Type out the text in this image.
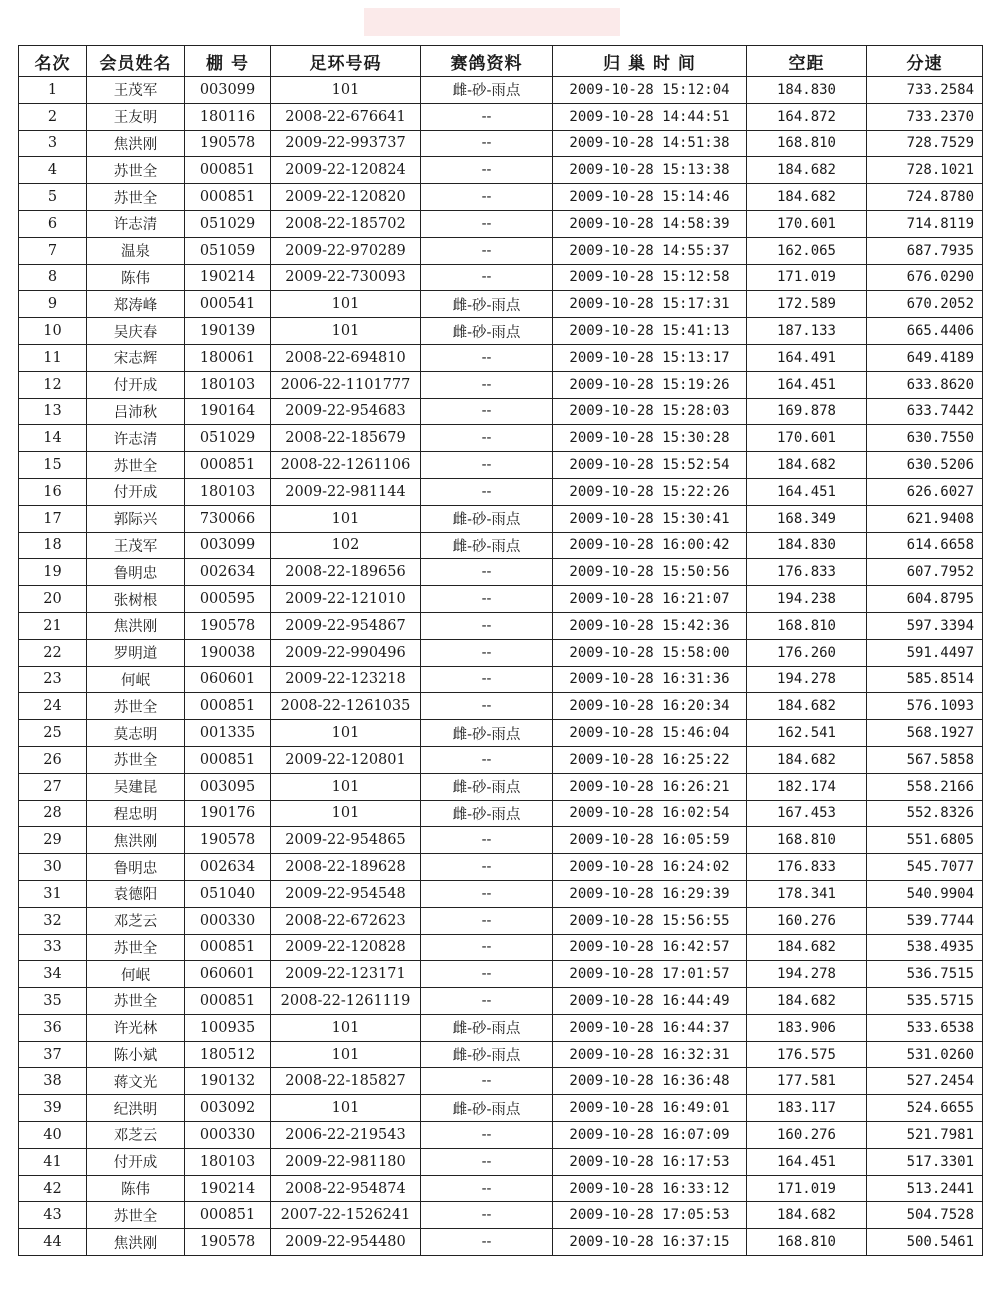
名次	会员姓名	棚 号	足环号码	赛鸽资料	归 巢 时 间	空距	分速
1	王茂军	003099	101	雌-砂-雨点	2009-10-28 15:12:04	184.830	733.2584
2	王友明	180116	2008-22-676641	--	2009-10-28 14:44:51	164.872	733.2370
3	焦洪刚	190578	2009-22-993737	--	2009-10-28 14:51:38	168.810	728.7529
4	苏世全	000851	2009-22-120824	--	2009-10-28 15:13:38	184.682	728.1021
5	苏世全	000851	2009-22-120820	--	2009-10-28 15:14:46	184.682	724.8780
6	许志清	051029	2008-22-185702	--	2009-10-28 14:58:39	170.601	714.8119
7	温泉	051059	2009-22-970289	--	2009-10-28 14:55:37	162.065	687.7935
8	陈伟	190214	2009-22-730093	--	2009-10-28 15:12:58	171.019	676.0290
9	郑涛峰	000541	101	雌-砂-雨点	2009-10-28 15:17:31	172.589	670.2052
10	吴庆春	190139	101	雌-砂-雨点	2009-10-28 15:41:13	187.133	665.4406
11	宋志辉	180061	2008-22-694810	--	2009-10-28 15:13:17	164.491	649.4189
12	付开成	180103	2006-22-1101777	--	2009-10-28 15:19:26	164.451	633.8620
13	吕沛秋	190164	2009-22-954683	--	2009-10-28 15:28:03	169.878	633.7442
14	许志清	051029	2008-22-185679	--	2009-10-28 15:30:28	170.601	630.7550
15	苏世全	000851	2008-22-1261106	--	2009-10-28 15:52:54	184.682	630.5206
16	付开成	180103	2009-22-981144	--	2009-10-28 15:22:26	164.451	626.6027
17	郭际兴	730066	101	雌-砂-雨点	2009-10-28 15:30:41	168.349	621.9408
18	王茂军	003099	102	雌-砂-雨点	2009-10-28 16:00:42	184.830	614.6658
19	鲁明忠	002634	2008-22-189656	--	2009-10-28 15:50:56	176.833	607.7952
20	张树根	000595	2009-22-121010	--	2009-10-28 16:21:07	194.238	604.8795
21	焦洪刚	190578	2009-22-954867	--	2009-10-28 15:42:36	168.810	597.3394
22	罗明道	190038	2009-22-990496	--	2009-10-28 15:58:00	176.260	591.4497
23	何岷	060601	2009-22-123218	--	2009-10-28 16:31:36	194.278	585.8514
24	苏世全	000851	2008-22-1261035	--	2009-10-28 16:20:34	184.682	576.1093
25	莫志明	001335	101	雌-砂-雨点	2009-10-28 15:46:04	162.541	568.1927
26	苏世全	000851	2009-22-120801	--	2009-10-28 16:25:22	184.682	567.5858
27	吴建昆	003095	101	雌-砂-雨点	2009-10-28 16:26:21	182.174	558.2166
28	程忠明	190176	101	雌-砂-雨点	2009-10-28 16:02:54	167.453	552.8326
29	焦洪刚	190578	2009-22-954865	--	2009-10-28 16:05:59	168.810	551.6805
30	鲁明忠	002634	2008-22-189628	--	2009-10-28 16:24:02	176.833	545.7077
31	袁德阳	051040	2009-22-954548	--	2009-10-28 16:29:39	178.341	540.9904
32	邓芝云	000330	2008-22-672623	--	2009-10-28 15:56:55	160.276	539.7744
33	苏世全	000851	2009-22-120828	--	2009-10-28 16:42:57	184.682	538.4935
34	何岷	060601	2009-22-123171	--	2009-10-28 17:01:57	194.278	536.7515
35	苏世全	000851	2008-22-1261119	--	2009-10-28 16:44:49	184.682	535.5715
36	许光林	100935	101	雌-砂-雨点	2009-10-28 16:44:37	183.906	533.6538
37	陈小斌	180512	101	雌-砂-雨点	2009-10-28 16:32:31	176.575	531.0260
38	蒋文光	190132	2008-22-185827	--	2009-10-28 16:36:48	177.581	527.2454
39	纪洪明	003092	101	雌-砂-雨点	2009-10-28 16:49:01	183.117	524.6655
40	邓芝云	000330	2006-22-219543	--	2009-10-28 16:07:09	160.276	521.7981
41	付开成	180103	2009-22-981180	--	2009-10-28 16:17:53	164.451	517.3301
42	陈伟	190214	2008-22-954874	--	2009-10-28 16:33:12	171.019	513.2441
43	苏世全	000851	2007-22-1526241	--	2009-10-28 17:05:53	184.682	504.7528
44	焦洪刚	190578	2009-22-954480	--	2009-10-28 16:37:15	168.810	500.5461
